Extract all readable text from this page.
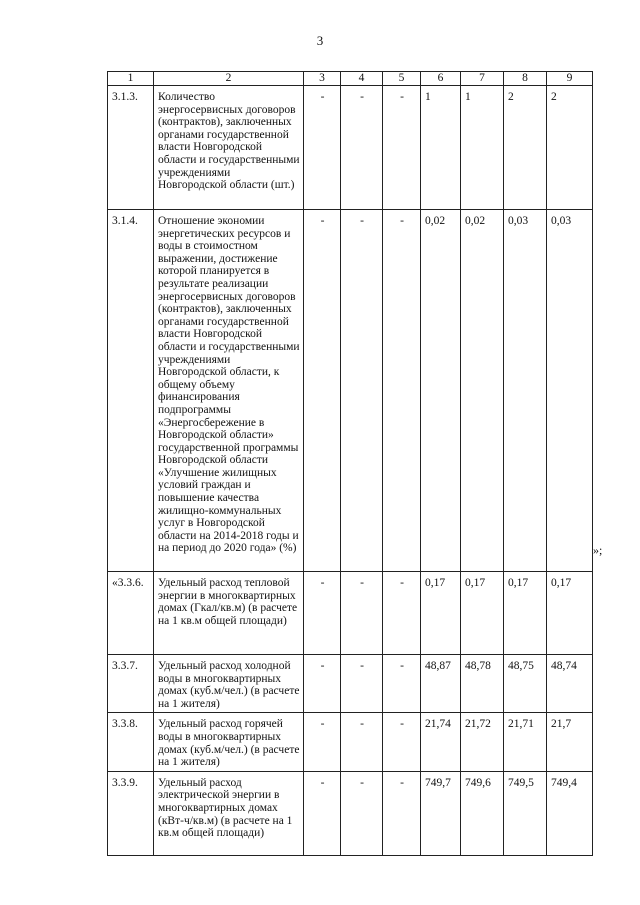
3
1	2	3	4	5	6	7	8	9
3.1.3.	Количество энергосервисных договоров (контрактов), заключенных органами государственной власти Новгородской области и государственными учреждениями Новгородской области (шт.)	-	-	-	1	1	2	2
3.1.4.	Отношение экономии энергетических ресурсов и воды в стоимостном выражении, достижение которой планируется в результате реализации энергосервисных договоров (контрактов), заключенных органами государственной власти Новгородской области и государственными учреждениями Новгородской области, к общему объему финансирования подпрограммы «Энергосбережение в Новгородской области» государственной программы Новгородской области «Улучшение жилищных условий граждан и повышение качества жилищно-коммунальных услуг в Новгородской области на 2014-2018 годы и на период до 2020 года» (%)	-	-	-	0,02	0,02	0,03	0,03
«3.3.6.	Удельный расход тепловой энергии в многоквартирных домах (Гкал/кв.м) (в расчете на 1 кв.м общей площади)	-	-	-	0,17	0,17	0,17	0,17
3.3.7.	Удельный расход холодной воды в многоквартирных домах (куб.м/чел.) (в расчете на 1 жителя)	-	-	-	48,87	48,78	48,75	48,74
3.3.8.	Удельный расход горячей воды в многоквартирных домах (куб.м/чел.) (в расчете на 1 жителя)	-	-	-	21,74	21,72	21,71	21,7
3.3.9.	Удельный расход электрической энергии в многоквартирных домах (кВт-ч/кв.м) (в расчете на 1 кв.м общей площади)	-	-	-	749,7	749,6	749,5	749,4
»;
